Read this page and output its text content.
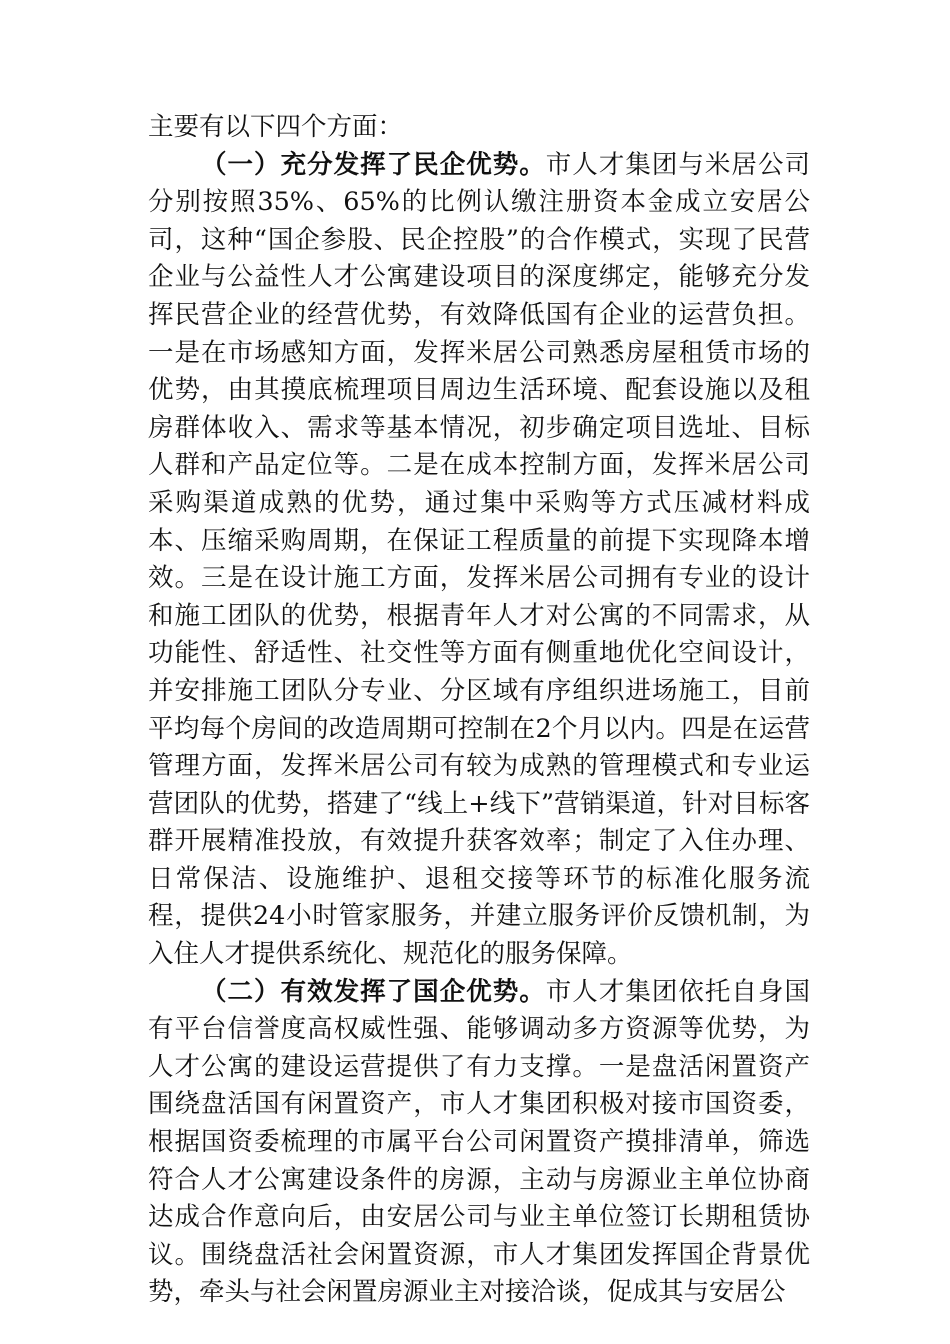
主要有以下四个方面：

（一）充分发挥了民企优势。市人才集团与米居公司分别按照35%、65%的比例认缴注册资本金成立安居公司，这种“国企参股、民企控股”的合作模式，实现了民营企业与公益性人才公寓建设项目的深度绑定，能够充分发挥民营企业的经营优势，有效降低国有企业的运营负担。一是在市场感知方面，发挥米居公司熟悉房屋租赁市场的优势，由其摸底梳理项目周边生活环境、配套设施以及租房群体收入、需求等基本情况，初步确定项目选址、目标人群和产品定位等。二是在成本控制方面，发挥米居公司采购渠道成熟的优势，通过集中采购等方式压减材料成本、压缩采购周期，在保证工程质量的前提下实现降本增效。三是在设计施工方面，发挥米居公司拥有专业的设计和施工团队的优势，根据青年人才对公寓的不同需求，从功能性、舒适性、社交性等方面有侧重地优化空间设计，并安排施工团队分专业、分区域有序组织进场施工，目前平均每个房间的改造周期可控制在2个月以内。四是在运营管理方面，发挥米居公司有较为成熟的管理模式和专业运营团队的优势，搭建了“线上+线下”营销渠道，针对目标客群开展精准投放，有效提升获客效率；制定了入住办理、日常保洁、设施维护、退租交接等环节的标准化服务流程，提供24小时管家服务，并建立服务评价反馈机制，为入住人才提供系统化、规范化的服务保障。

（二）有效发挥了国企优势。市人才集团依托自身国有平台信誉度高权威性强、能够调动多方资源等优势，为人才公寓的建设运营提供了有力支撑。一是盘活闲置资产围绕盘活国有闲置资产，市人才集团积极对接市国资委，根据国资委梳理的市属平台公司闲置资产摸排清单，筛选符合人才公寓建设条件的房源，主动与房源业主单位协商达成合作意向后，由安居公司与业主单位签订长期租赁协议。围绕盘活社会闲置资源，市人才集团发挥国企背景优势，牵头与社会闲置房源业主对接洽谈，促成其与安居公
